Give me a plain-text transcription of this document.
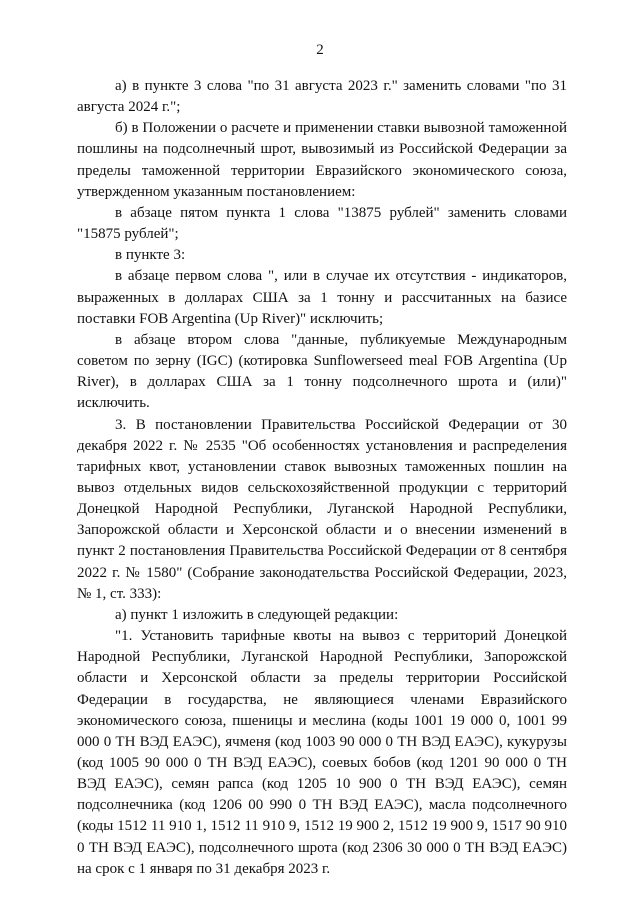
2

а) в пункте 3 слова "по 31 августа 2023 г." заменить словами "по 31 августа 2024 г.";

б) в Положении о расчете и применении ставки вывозной таможенной пошлины на подсолнечный шрот, вывозимый из Российской Федерации за пределы таможенной территории Евразийского экономического союза, утвержденном указанным постановлением:

в абзаце пятом пункта 1 слова "13875 рублей" заменить словами "15875 рублей";

в пункте 3:

в абзаце первом слова ", или в случае их отсутствия - индикаторов, выраженных в долларах США за 1 тонну и рассчитанных на базисе поставки FOB Argentina (Up River)" исключить;

в абзаце втором слова "данные, публикуемые Международным советом по зерну (IGC) (котировка Sunflowerseed meal FOB Argentina (Up River), в долларах США за 1 тонну подсолнечного шрота и (или)" исключить.

3. В постановлении Правительства Российской Федерации от 30 декабря 2022 г. № 2535 "Об особенностях установления и распределения тарифных квот, установлении ставок вывозных таможенных пошлин на вывоз отдельных видов сельскохозяйственной продукции с территорий Донецкой Народной Республики, Луганской Народной Республики, Запорожской области и Херсонской области и о внесении изменений в пункт 2 постановления Правительства Российской Федерации от 8 сентября 2022 г. № 1580" (Собрание законодательства Российской Федерации, 2023, № 1, ст. 333):

а) пункт 1 изложить в следующей редакции:

"1. Установить тарифные квоты на вывоз с территорий Донецкой Народной Республики, Луганской Народной Республики, Запорожской области и Херсонской области за пределы территории Российской Федерации в государства, не являющиеся членами Евразийского экономического союза, пшеницы и меслина (коды 1001 19 000 0, 1001 99 000 0 ТН ВЭД ЕАЭС), ячменя (код 1003 90 000 0 ТН ВЭД ЕАЭС), кукурузы (код 1005 90 000 0 ТН ВЭД ЕАЭС), соевых бобов (код 1201 90 000 0 ТН ВЭД ЕАЭС), семян рапса (код 1205 10 900 0 ТН ВЭД ЕАЭС), семян подсолнечника (код 1206 00 990 0 ТН ВЭД ЕАЭС), масла подсолнечного (коды 1512 11 910 1, 1512 11 910 9, 1512 19 900 2, 1512 19 900 9, 1517 90 910 0 ТН ВЭД ЕАЭС), подсолнечного шрота (код 2306 30 000 0 ТН ВЭД ЕАЭС) на срок с 1 января по 31 декабря 2023 г.
